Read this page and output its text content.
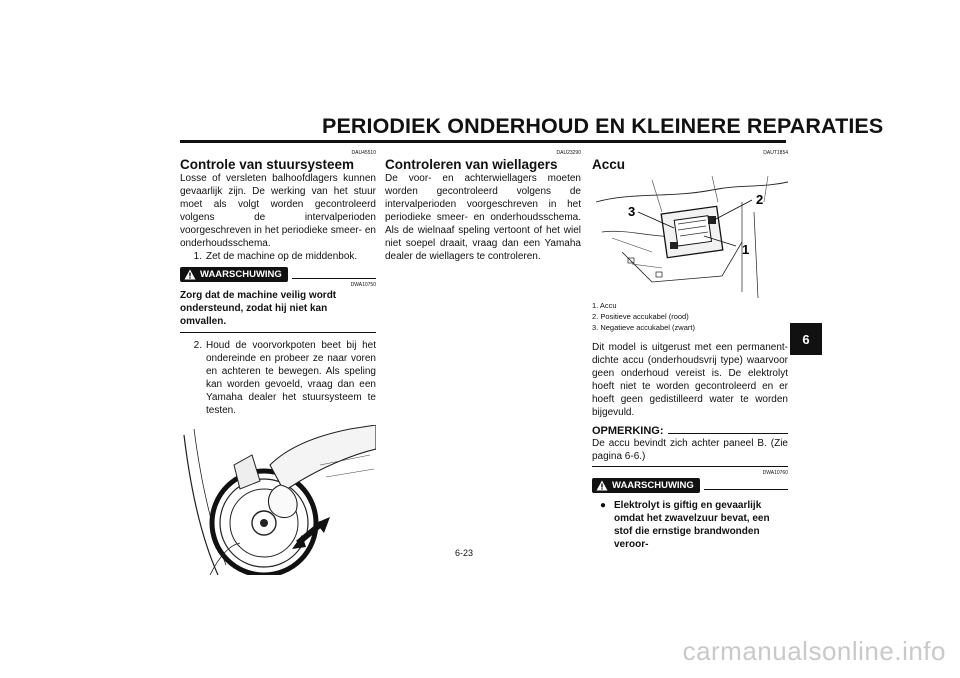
PERIODIEK ONDERHOUD EN KLEINERE REPARATIES
DAU45510
Controle van stuursysteem

Losse of versleten balhoofdlagers kunnen gevaarlijk zijn. De werking van het stuur moet als volgt worden gecontroleerd volgens de intervalperioden voorgeschreven in het periodieke smeer- en onderhoudsschema.

1. Zet de machine op de middenbok.
WAARSCHUWING
DWA10750
Zorg dat de machine veilig wordt ondersteund, zodat hij niet kan omvallen.
2. Houd de voorvorkpoten beet bij het ondereinde en probeer ze naar voren en achteren te bewegen. Als speling kan worden gevoeld, vraag dan een Yamaha dealer het stuursysteem te testen.
DAU23290
Controleren van wiellagers

De voor- en achterwiellagers moeten worden gecontroleerd volgens de intervalperioden voorgeschreven in het periodieke smeer- en onderhoudsschema. Als de wielnaaf speling vertoont of het wiel niet soepel draait, vraag dan een Yamaha dealer de wiellagers te controleren.

DAUT1854
Accu
3
2
1
1. Accu
2. Positieve accukabel (rood)
3. Negatieve accukabel (zwart)

Dit model is uitgerust met een permanent-dichte accu (onderhoudsvrij type) waarvoor geen onderhoud vereist is. De elektrolyt hoeft niet te worden gecontroleerd en er hoeft geen gedistilleerd water te worden bijgevuld.

OPMERKING:

De accu bevindt zich achter paneel B. (Zie pagina 6-6.)

DWA10760
WAARSCHUWING
● Elektrolyt is giftig en gevaarlijk omdat het zwavelzuur bevat, een stof die ernstige brandwonden veroor-
6-23
6
carmanualsonline.info
